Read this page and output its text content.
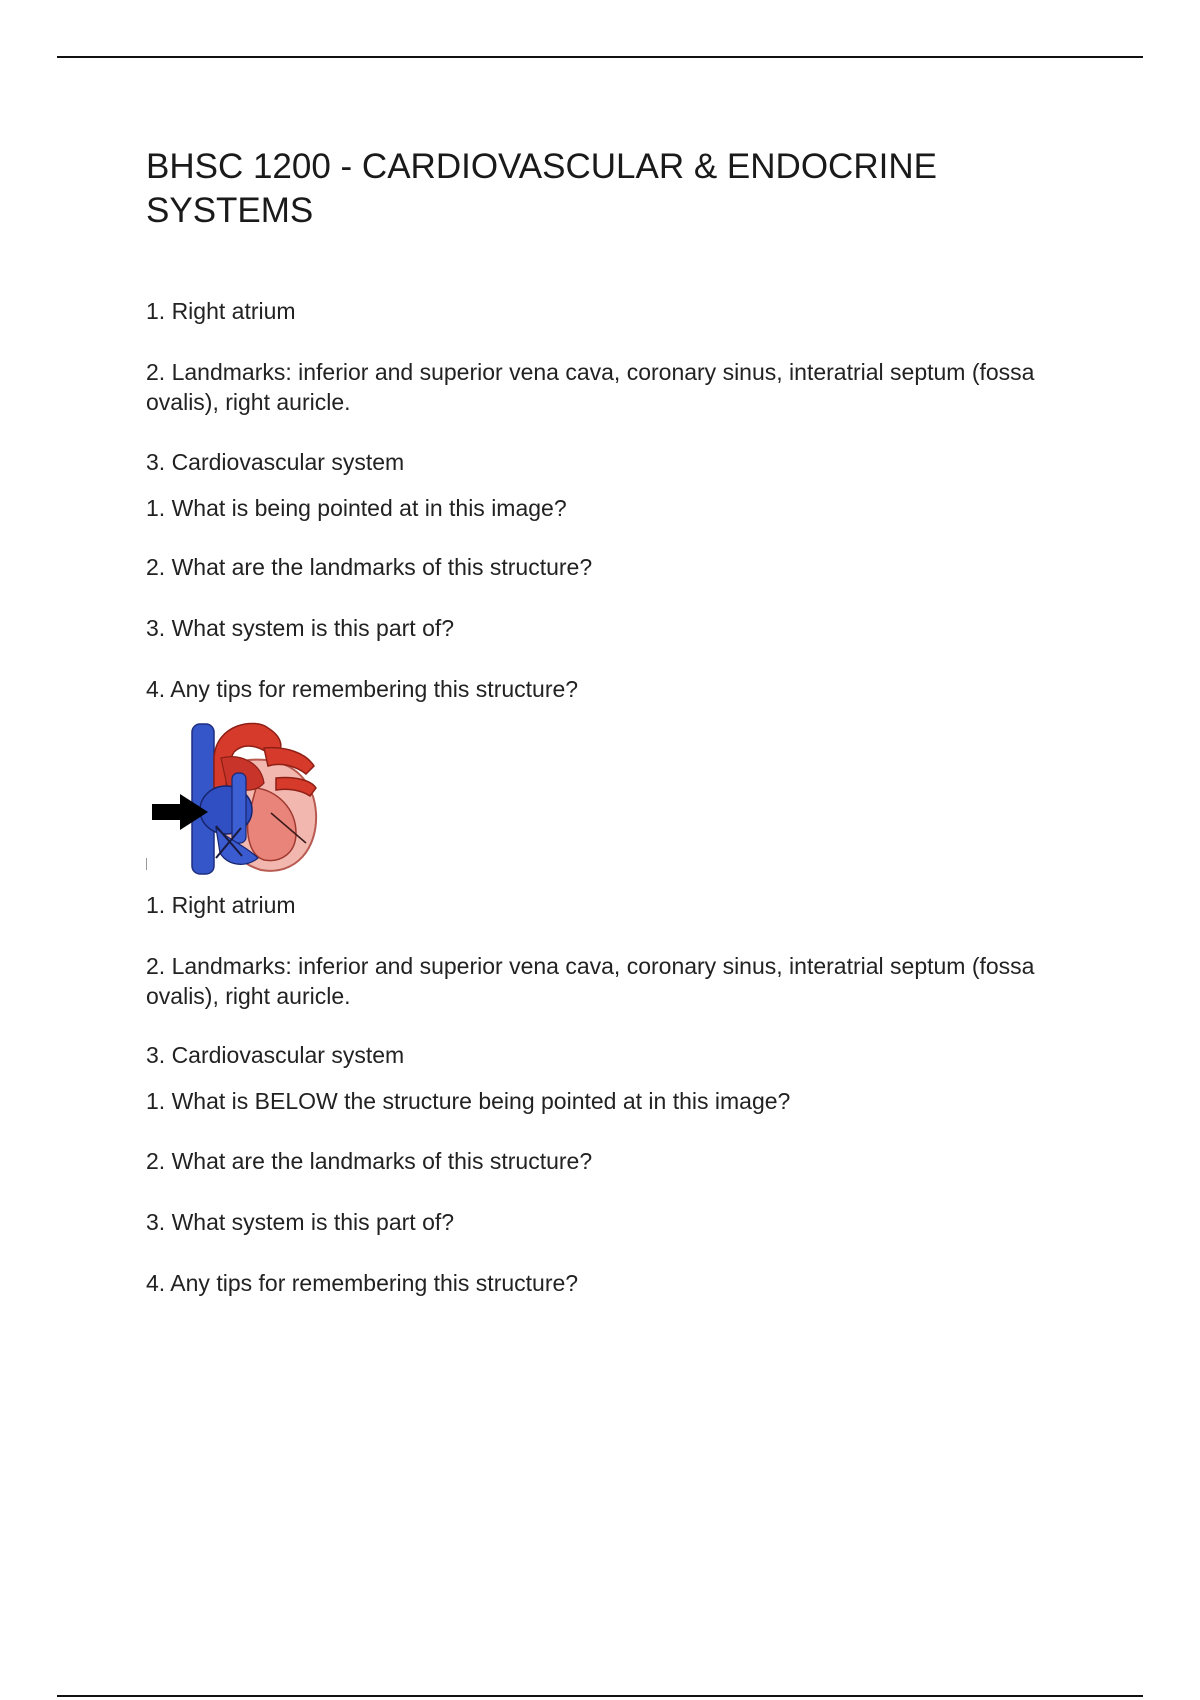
BHSC 1200 - CARDIOVASCULAR & ENDOCRINE SYSTEMS

1. Right atrium

2. Landmarks: inferior and superior vena cava, coronary sinus, interatrial septum (fossa ovalis), right auricle.

3. Cardiovascular system

1. What is being pointed at in this image?

2. What are the landmarks of this structure?

3. What system is this part of?

4. Any tips for remembering this structure?

1. Right atrium

2. Landmarks: inferior and superior vena cava, coronary sinus, interatrial septum (fossa ovalis), right auricle.

3. Cardiovascular system

1. What is BELOW the structure being pointed at in this image?

2. What are the landmarks of this structure?

3. What system is this part of?

4. Any tips for remembering this structure?
